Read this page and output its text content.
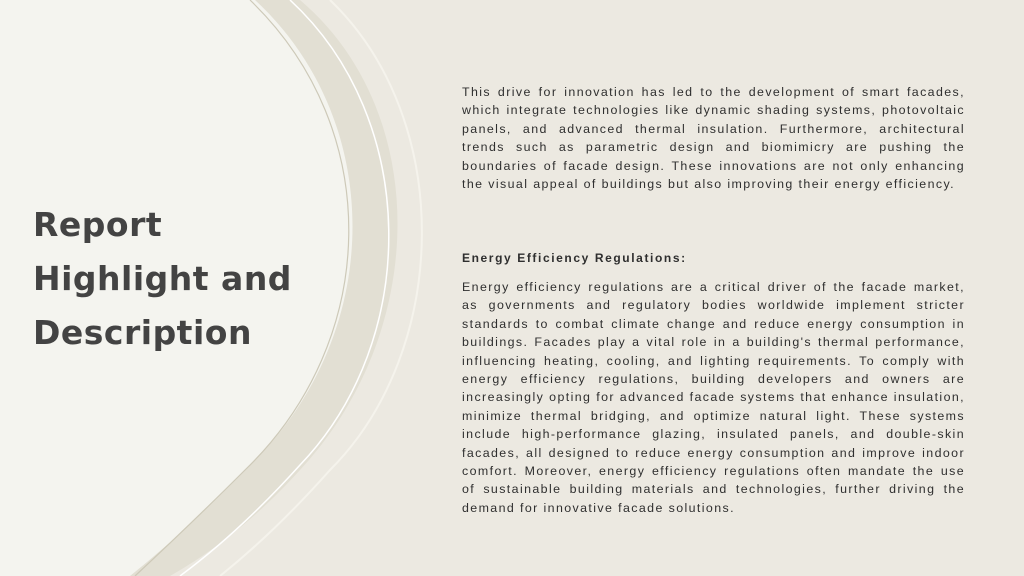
Report
Highlight and
Description

This drive for innovation has led to the development of smart facades, which integrate technologies like dynamic shading systems, photovoltaic panels, and advanced thermal insulation. Furthermore, architectural trends such as parametric design and biomimicry are pushing the boundaries of facade design. These innovations are not only enhancing the visual appeal of buildings but also improving their energy efficiency.

Energy Efficiency Regulations:

Energy efficiency regulations are a critical driver of the facade market, as governments and regulatory bodies worldwide implement stricter standards to combat climate change and reduce energy consumption in buildings. Facades play a vital role in a building's thermal performance, influencing heating, cooling, and lighting requirements. To comply with energy efficiency regulations, building developers and owners are increasingly opting for advanced facade systems that enhance insulation, minimize thermal bridging, and optimize natural light. These systems include high-performance glazing, insulated panels, and double-skin facades, all designed to reduce energy consumption and improve indoor comfort. Moreover, energy efficiency regulations often mandate the use of sustainable building materials and technologies, further driving the demand for innovative facade solutions.
